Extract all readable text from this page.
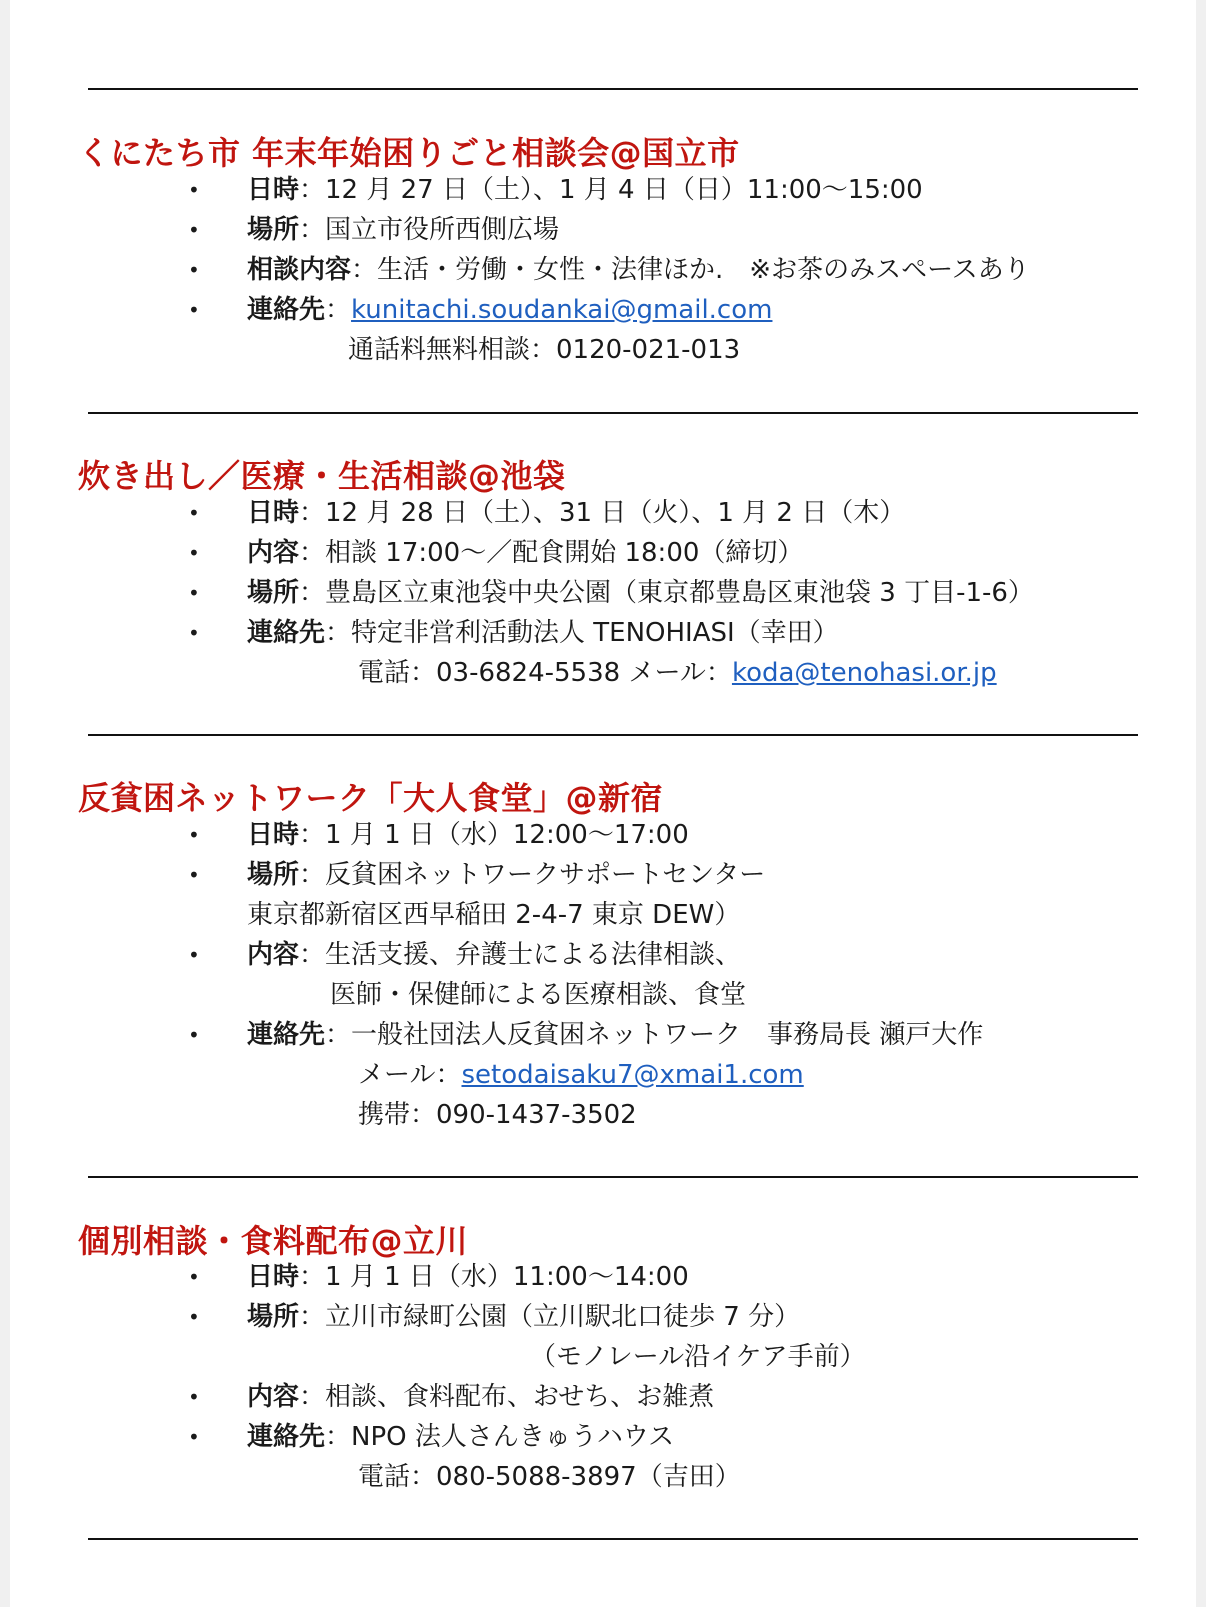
くにたち市 年末年始困りごと相談会@国立市
• 日時：12 月 27 日（土）、1 月 4 日（日）11:00～15:00
• 場所：国立市役所西側広場
• 相談内容：生活・労働・女性・法律ほか.　※お茶のみスペースあり
• 連絡先：kunitachi.soudankai@gmail.com
通話料無料相談：0120-021-013
炊き出し／医療・生活相談@池袋
• 日時：12 月 28 日（土）、31 日（火）、1 月 2 日（木）
• 内容：相談 17:00～／配食開始 18:00（締切）
• 場所：豊島区立東池袋中央公園（東京都豊島区東池袋 3 丁目-1-6）
• 連絡先：特定非営利活動法人 TENOHIASI（幸田）
電話：03-6824-5538 メール：koda@tenohasi.or.jp
反貧困ネットワーク「大人食堂」@新宿
• 日時：1 月 1 日（水）12:00～17:00
• 場所：反貧困ネットワークサポートセンター
東京都新宿区西早稲田 2-4-7 東京 DEW）
• 内容：生活支援、弁護士による法律相談、
医師・保健師による医療相談、食堂
• 連絡先：一般社団法人反貧困ネットワーク　事務局長 瀬戸大作
メール：setodaisaku7@xmai1.com
携帯：090-1437-3502
個別相談・食料配布@立川
• 日時：1 月 1 日（水）11:00～14:00
• 場所：立川市緑町公園（立川駅北口徒歩 7 分）
（モノレール沿イケア手前）
• 内容：相談、食料配布、おせち、お雑煮
• 連絡先：NPO 法人さんきゅうハウス
電話：080-5088-3897（吉田）
